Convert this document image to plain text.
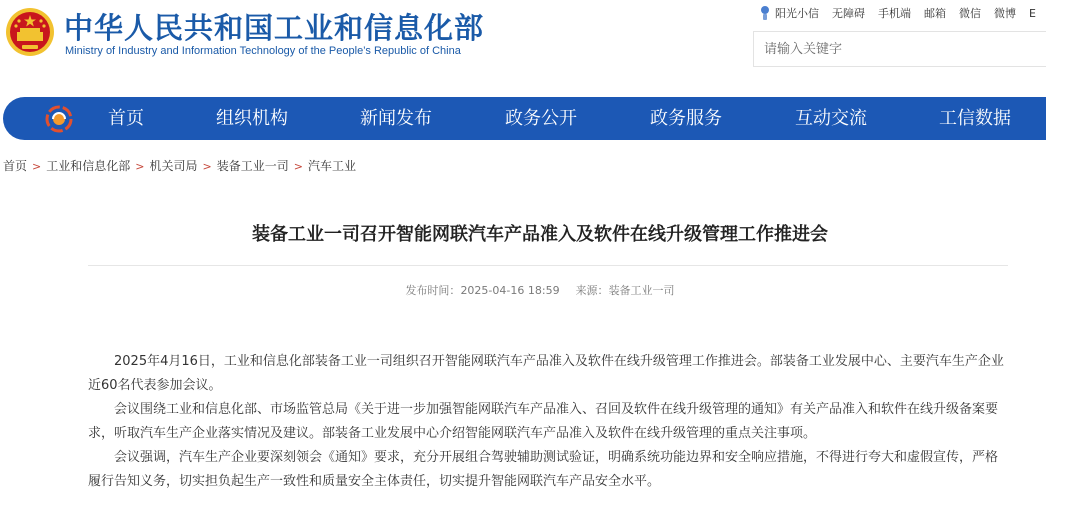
中华人民共和国工业和信息化部
Ministry of Industry and Information Technology of the People’s Republic of China
阳光小信 无障碍 手机端 邮箱 微信 微博 E
请输入关键字
首页	组织机构	新闻发布	政务公开	政务服务	互动交流	工信数据
首页 > 工业和信息化部 > 机关司局 > 装备工业一司 > 汽车工业
装备工业一司召开智能网联汽车产品准入及软件在线升级管理工作推进会
发布时间：2025-04-16 18:59 来源：装备工业一司

2025年4月16日，工业和信息化部装备工业一司组织召开智能网联汽车产品准入及软件在线升级管理工作推进会。部装备工业发展中心、主要汽车生产企业近60名代表参加会议。

会议围绕工业和信息化部、市场监管总局《关于进一步加强智能网联汽车产品准入、召回及软件在线升级管理的通知》有关产品准入和软件在线升级备案要求，听取汽车生产企业落实情况及建议。部装备工业发展中心介绍智能网联汽车产品准入及软件在线升级管理的重点关注事项。

会议强调，汽车生产企业要深刻领会《通知》要求，充分开展组合驾驶辅助测试验证，明确系统功能边界和安全响应措施，不得进行夸大和虚假宣传，严格履行告知义务，切实担负起生产一致性和质量安全主体责任，切实提升智能网联汽车产品安全水平。
